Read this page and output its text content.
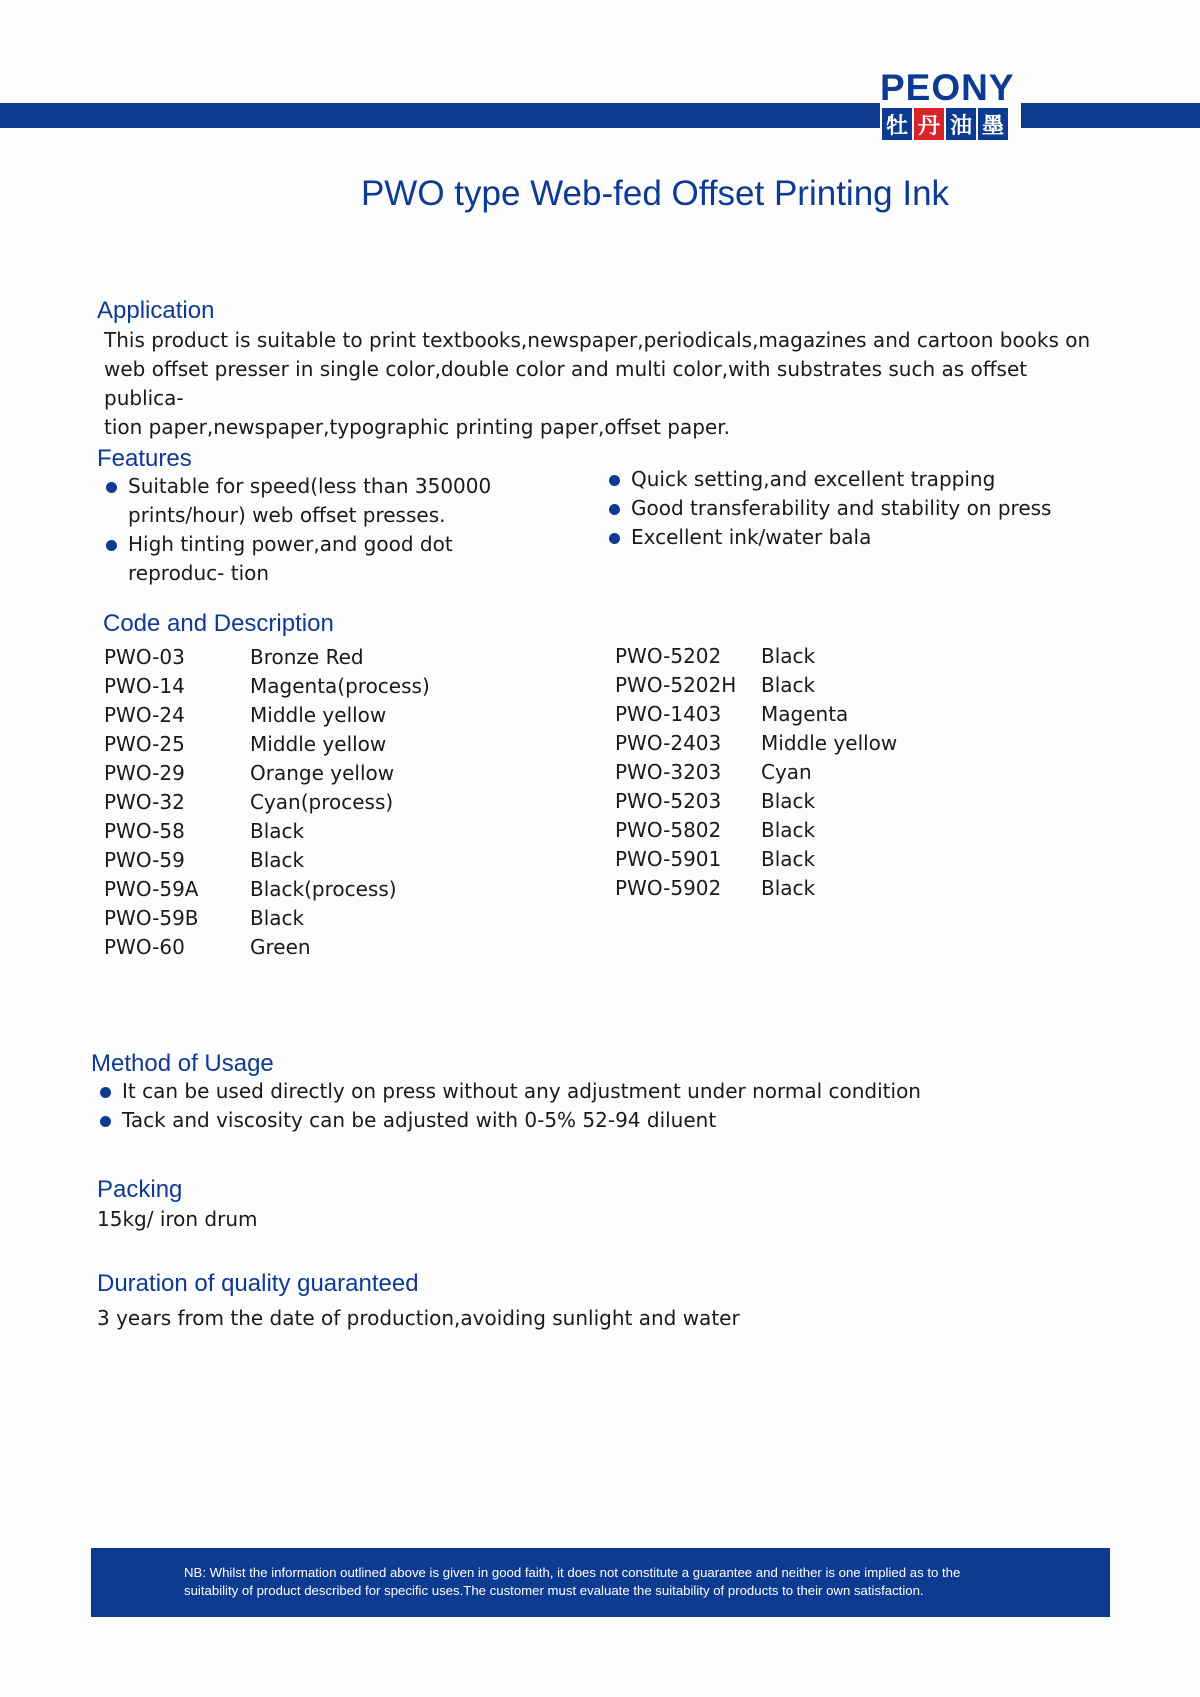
PEONY
牡 丹 油 墨
PWO type Web-fed Offset Printing Ink
Application
This product is suitable to print textbooks,newspaper,periodicals,magazines and cartoon books on
web offset presser in single color,double color and multi color,with substrates such as offset publica-
tion paper,newspaper,typographic printing paper,offset paper.
Features
Suitable for speed(less than 350000 prints/hour) web offset presses.
High tinting power,and good dot reproduc- tion
Quick setting,and excellent trapping
Good transferability and stability on press
Excellent ink/water bala
Code and Description
PWO-03	Bronze Red
PWO-14	Magenta(process)
PWO-24	Middle yellow
PWO-25	Middle yellow
PWO-29	Orange yellow
PWO-32	Cyan(process)
PWO-58	Black
PWO-59	Black
PWO-59A	Black(process)
PWO-59B	Black
PWO-60	Green
PWO-5202	Black
PWO-5202H	Black
PWO-1403	Magenta
PWO-2403	Middle yellow
PWO-3203	Cyan
PWO-5203	Black
PWO-5802	Black
PWO-5901	Black
PWO-5902	Black
Method of Usage
It can be used directly on press without any adjustment under normal condition
Tack and viscosity can be adjusted with 0-5% 52-94 diluent
Packing
15kg/ iron drum
Duration of quality guaranteed
3 years from the date of production,avoiding sunlight and water

NB: Whilst the information outlined above is given in good faith, it does not constitute a guarantee and neither is one implied as to the
suitability of product described for specific uses.The customer must evaluate the suitability of products to their own satisfaction.
